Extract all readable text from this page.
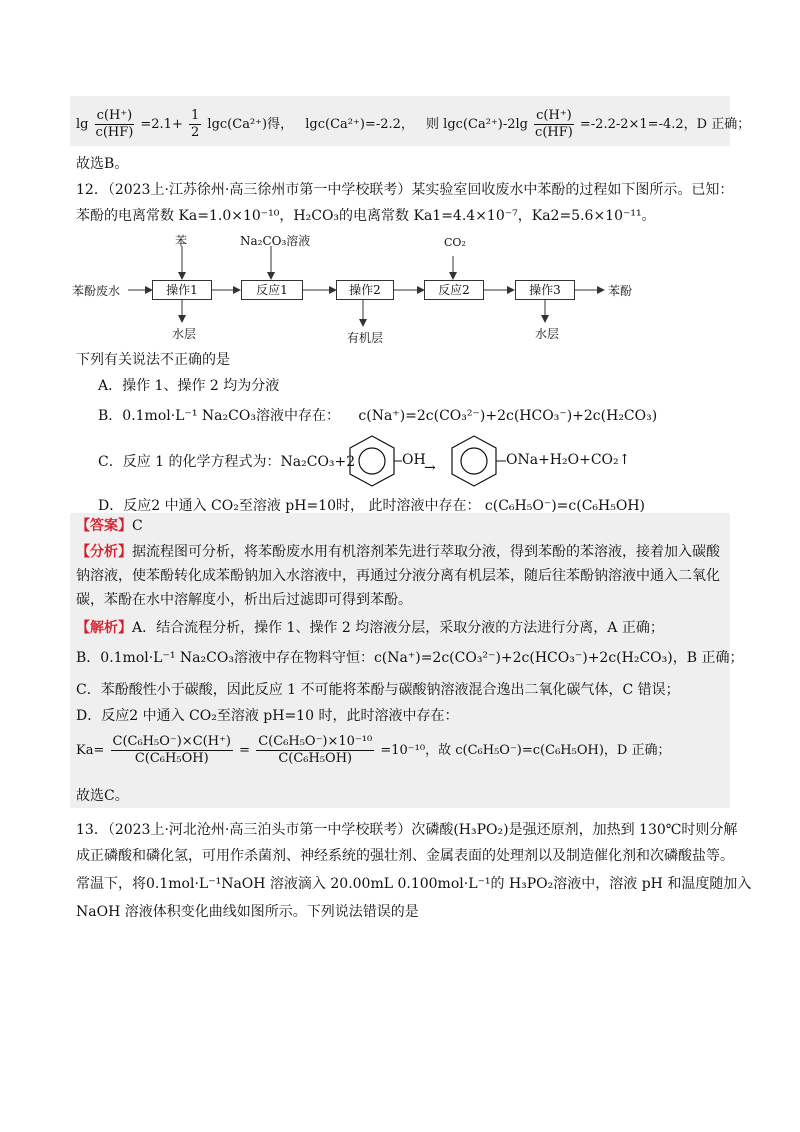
$\lg \frac{c(H^+)}{c(HF)} =2.1+ \frac{1}{2} \lg c(Ca^{2+})$得， lgc(Ca²⁺)=-2.2， 则 $\lg c(Ca^{2+})-2\lg \frac{c(H^+)}{c(HF)} =-2.2-2\times 1=-4.2$，D 正确；
故选B。
12．（2023上·江苏徐州·高三徐州市第一中学校联考）某实验室回收废水中苯酚的过程如下图所示。已知：
苯酚的电离常数 Ka=1.0×10⁻¹⁰，H₂CO₃的电离常数 Ka1=4.4×10⁻⁷，Ka2=5.6×10⁻¹¹。
苯酚废水	操作1	反应1	操作2	反应2	操作3	苯酚
苯	Na₂CO₃溶液	CO₂
水层	有机层	水层
下列有关说法不正确的是
A．操作 1、操作 2 均为分液
B．0.1mol·L⁻¹ Na₂CO₃溶液中存在： c(Na⁺)=2c(CO₃²⁻)+2c(HCO₃⁻)+2c(H₂CO₃)
C．反应 1 的化学方程式为：Na₂CO₃+2	OH
→	ONa+H₂O+CO₂↑
D．反应2 中通入 CO₂至溶液 pH=10时， 此时溶液中存在： c(C₆H₅O⁻)=c(C₆H₅OH)
【答案】C
【分析】据流程图可分析，将苯酚废水用有机溶剂苯先进行萃取分液，得到苯酚的苯溶液，接着加入碳酸
钠溶液，使苯酚转化成苯酚钠加入水溶液中，再通过分液分离有机层苯，随后往苯酚钠溶液中通入二氧化
碳，苯酚在水中溶解度小，析出后过滤即可得到苯酚。
【解析】A．结合流程分析，操作 1、操作 2 均溶液分层，采取分液的方法进行分离，A 正确；
B．0.1mol·L⁻¹ Na₂CO₃溶液中存在物料守恒：c(Na⁺)=2c(CO₃²⁻)+2c(HCO₃⁻)+2c(H₂CO₃)，B 正确；
C．苯酚酸性小于碳酸，因此反应 1 不可能将苯酚与碳酸钠溶液混合逸出二氧化碳气体，C 错误；
D．反应2 中通入 CO₂至溶液 pH=10 时，此时溶液中存在：
$Ka= \frac{\text{C(C₆H₅O⁻)×C(H⁺)}}{\text{C(C₆H₅OH)}} = \frac{\text{C(C₆H₅O⁻)×10⁻¹⁰}}{\text{C(C₆H₅OH)}} =10^{-10}$，故 c(C₆H₅O⁻)=c(C₆H₅OH)，D 正确；
故选C。
13．（2023上·河北沧州·高三泊头市第一中学校联考）次磷酸(H₃PO₂)是强还原剂，加热到 130℃时则分解
成正磷酸和磷化氢，可用作杀菌剂、神经系统的强壮剂、金属表面的处理剂以及制造催化剂和次磷酸盐等。
常温下，将0.1mol·L⁻¹NaOH 溶液滴入 20.00mL 0.100mol·L⁻¹的 H₃PO₂溶液中，溶液 pH 和温度随加入
NaOH 溶液体积变化曲线如图所示。下列说法错误的是
